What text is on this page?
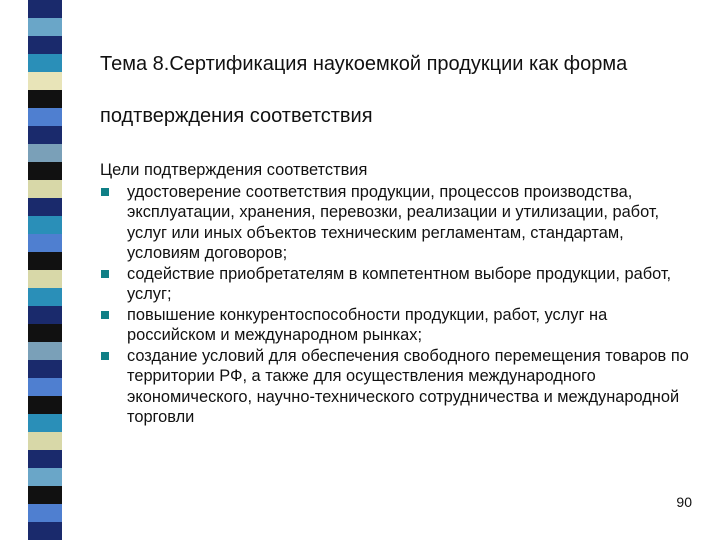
Тема 8.Сертификация наукоемкой продукции как форма подтверждения соответствия
Цели подтверждения соответствия
удостоверение соответствия продукции, процессов производства, эксплуатации, хранения, перевозки, реализации и утилизации, работ, услуг или иных объектов техническим регламентам, стандартам, условиям договоров;
содействие приобретателям в компетентном выборе продукции, работ, услуг;
повышение конкурентоспособности продукции, работ, услуг на российском и международном рынках;
создание условий для обеспечения свободного перемещения товаров по территории РФ, а также для осуществления международного экономического, научно-технического сотрудничества и международной торговли
90
